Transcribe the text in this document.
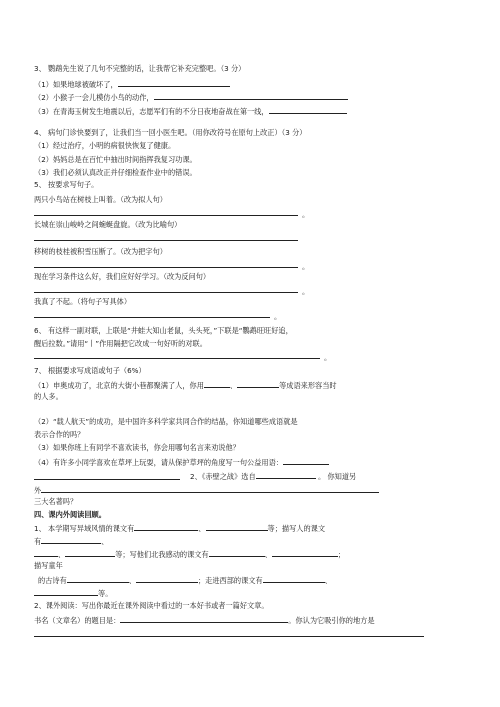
3、 鹦鹉先生说了几句不完整的话，让我帮它补充完整吧。（3 分）
（1）如果地球被破坏了，
（2）小猴子一会儿模仿小鸟的动作，
（3）在青海玉树发生地震以后，志愿军们有的不分日夜地奋战在第一线，
4、 病句门诊快要到了，让我们当一回小医生吧。（用你改符号在原句上改正）（3 分）
（1）经过治疗，小明的病很快恢复了健康。
（2）妈妈总是在百忙中抽出时间指挥我复习功课。
（3）我们必须认真改正并仔细检查作业中的错误。
5、 按要求写句子。
两只小鸟站在树枝上叫着。（改为拟人句）
。
长城在崇山峻岭之间蜿蜒盘旋。（改为比喻句）
移树的枝桂被积雪压断了。（改为把字句）
。
现在学习条件这么好，我们应好好学习。（改为反问句）
。
我真了不起。（将句子写具体）
。
6、 有这样一副对联，上联是“井蛙大知山老鼠，头头死，”下联是“鸚鹉旺旺好追，
醒后拉数。”请用“丨”作用隔把它改成一句好听的对联。
。
7、 根据要求写成语或句子（6%）
（1）申奥成功了，北京的大街小巷都聚满了人，你用	、	等成语来形容当时
的人多。
（2）“载人航天”的成功，是中国许多科学家共同合作的结晶，你知道哪些成语就是
表示合作的吗？
（3）如果你班上有同学不喜欢读书，你会用哪句名言来劝说他？
（4）有许多小同学喜欢在草坪上玩耍，请从保护草坪的角度写一句公益用语：
2、《赤壁之战》选自	。 你知道另
外
三大名著吗？
四、课内外阅读回顾。
1、 本学期写异域风情的课文有	、	等；描写人的课文
有	、
、	等；写他们北我感动的课文有	、	；
描写童年
的古诗有	、	；走进西部的课文有	、
等。
2、课外阅读：写出你最近在课外阅读中看过的一本好书或者一篇好文章。
书名（文章名）的题目是：	。你认为它吸引你的地方是
